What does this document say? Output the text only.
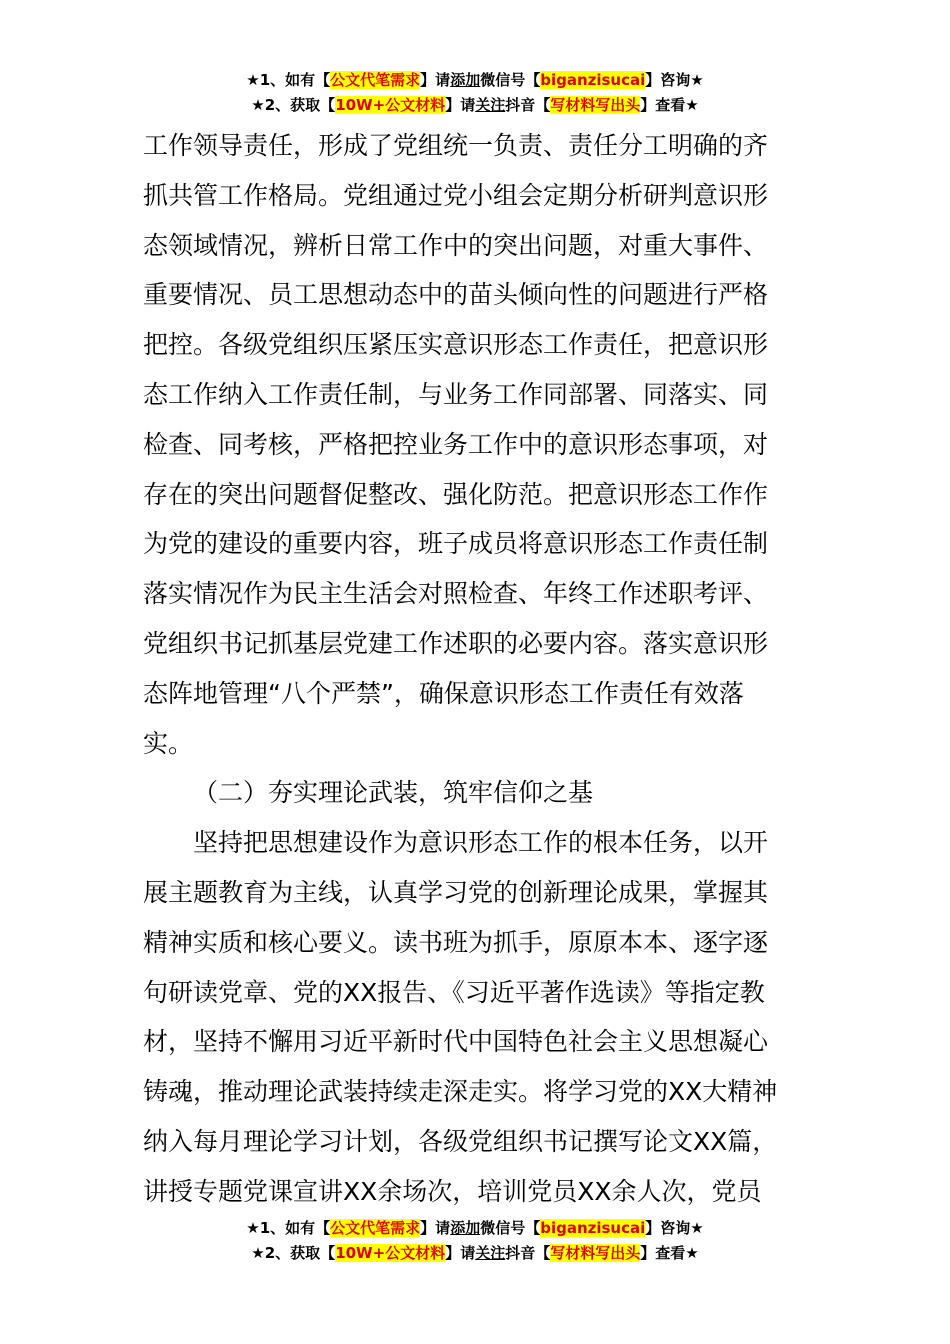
★1、如有【公文代笔需求】请添加微信号【biganzisucai】咨询★
★2、获取【10W+公文材料】请关注抖音【写材料写出头】查看★
工作领导责任，形成了党组统一负责、责任分工明确的齐
抓共管工作格局。党组通过党小组会定期分析研判意识形
态领域情况，辨析日常工作中的突出问题，对重大事件、
重要情况、员工思想动态中的苗头倾向性的问题进行严格
把控。各级党组织压紧压实意识形态工作责任，把意识形
态工作纳入工作责任制，与业务工作同部署、同落实、同
检查、同考核，严格把控业务工作中的意识形态事项，对
存在的突出问题督促整改、强化防范。把意识形态工作作
为党的建设的重要内容，班子成员将意识形态工作责任制
落实情况作为民主生活会对照检查、年终工作述职考评、
党组织书记抓基层党建工作述职的必要内容。落实意识形
态阵地管理“八个严禁”，确保意识形态工作责任有效落
实。
（二）夯实理论武装，筑牢信仰之基
坚持把思想建设作为意识形态工作的根本任务，以开
展主题教育为主线，认真学习党的创新理论成果，掌握其
精神实质和核心要义。读书班为抓手，原原本本、逐字逐
句研读党章、党的XX报告、《习近平著作选读》等指定教
材，坚持不懈用习近平新时代中国特色社会主义思想凝心
铸魂，推动理论武装持续走深走实。将学习党的XX大精神
纳入每月理论学习计划，各级党组织书记撰写论文XX篇，
讲授专题党课宣讲XX余场次，培训党员XX余人次，党员
★1、如有【公文代笔需求】请添加微信号【biganzisucai】咨询★
★2、获取【10W+公文材料】请关注抖音【写材料写出头】查看★
